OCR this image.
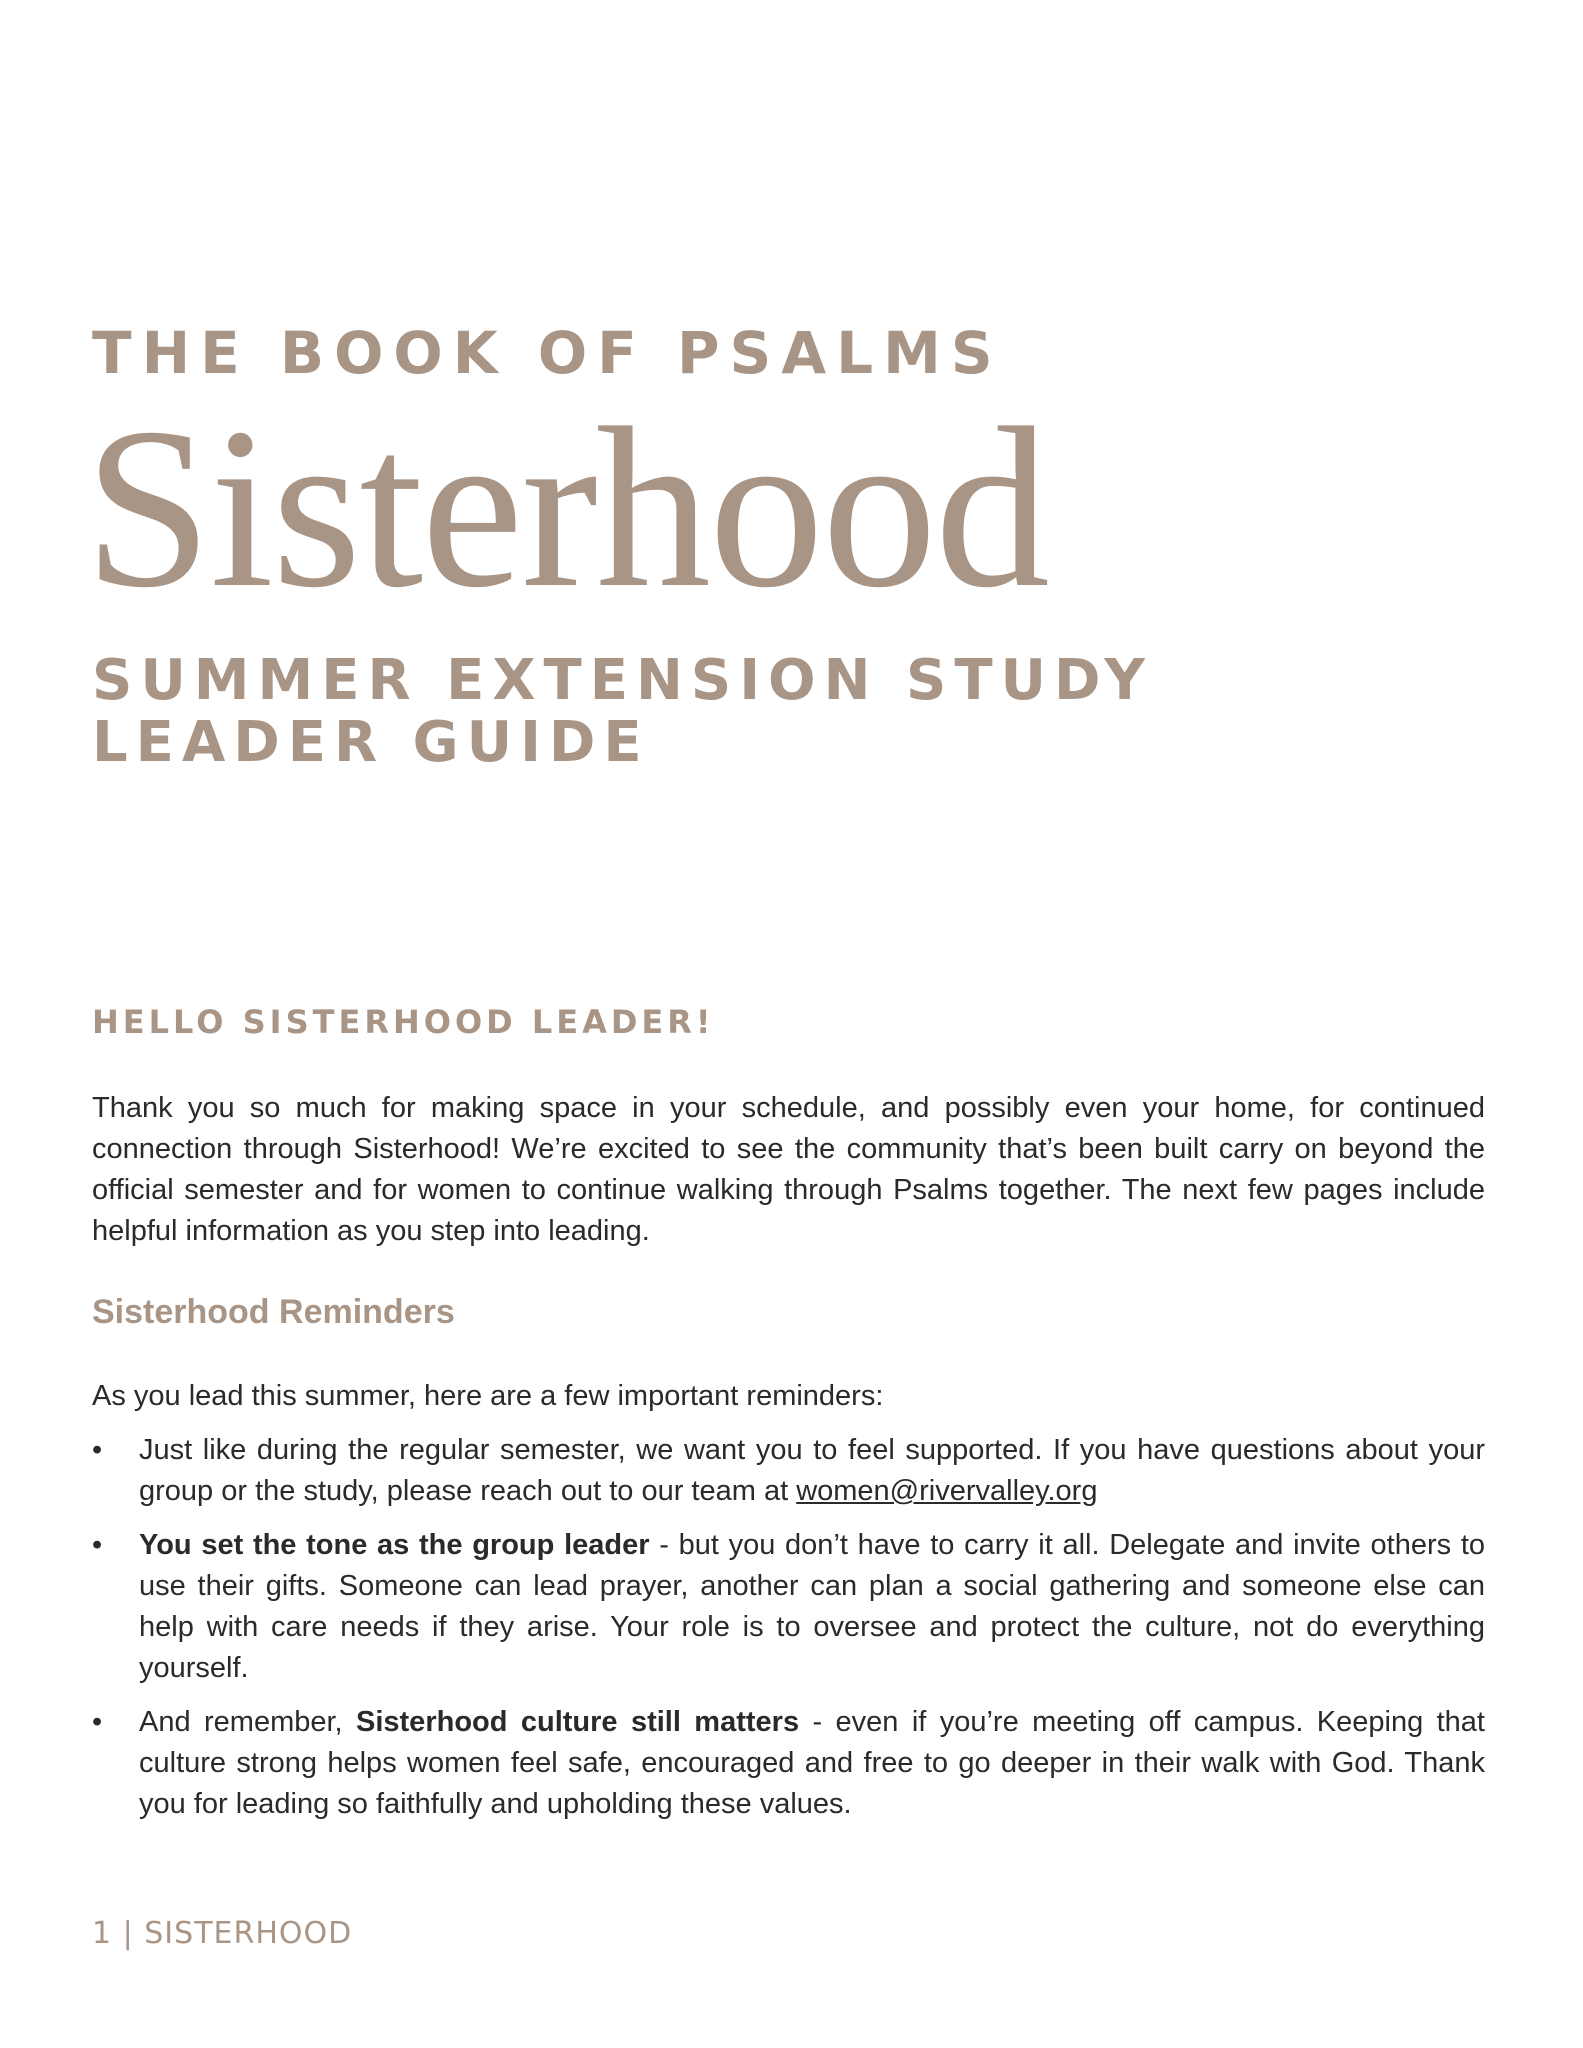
THE BOOK OF PSALMS

Sisterhood
SUMMER EXTENSION STUDY
LEADER GUIDE
HELLO SISTERHOOD LEADER!

Thank you so much for making space in your schedule, and possibly even your home, for continued connection through Sisterhood! We’re excited to see the community that’s been built carry on beyond the official semester and for women to continue walking through Psalms together. The next few pages include helpful information as you step into leading.

Sisterhood Reminders

As you lead this summer, here are a few important reminders:

•	Just like during the regular semester, we want you to feel supported. If you have questions about your group or the study, please reach out to our team at women@rivervalley.org
•	You set the tone as the group leader - but you don’t have to carry it all. Delegate and invite others to use their gifts. Someone can lead prayer, another can plan a social gathering and someone else can help with care needs if they arise. Your role is to oversee and protect the culture, not do everything yourself.
•	And remember, Sisterhood culture still matters - even if you’re meeting off campus. Keeping that culture strong helps women feel safe, encouraged and free to go deeper in their walk with God. Thank you for leading so faithfully and upholding these values.

1 | SISTERHOOD
